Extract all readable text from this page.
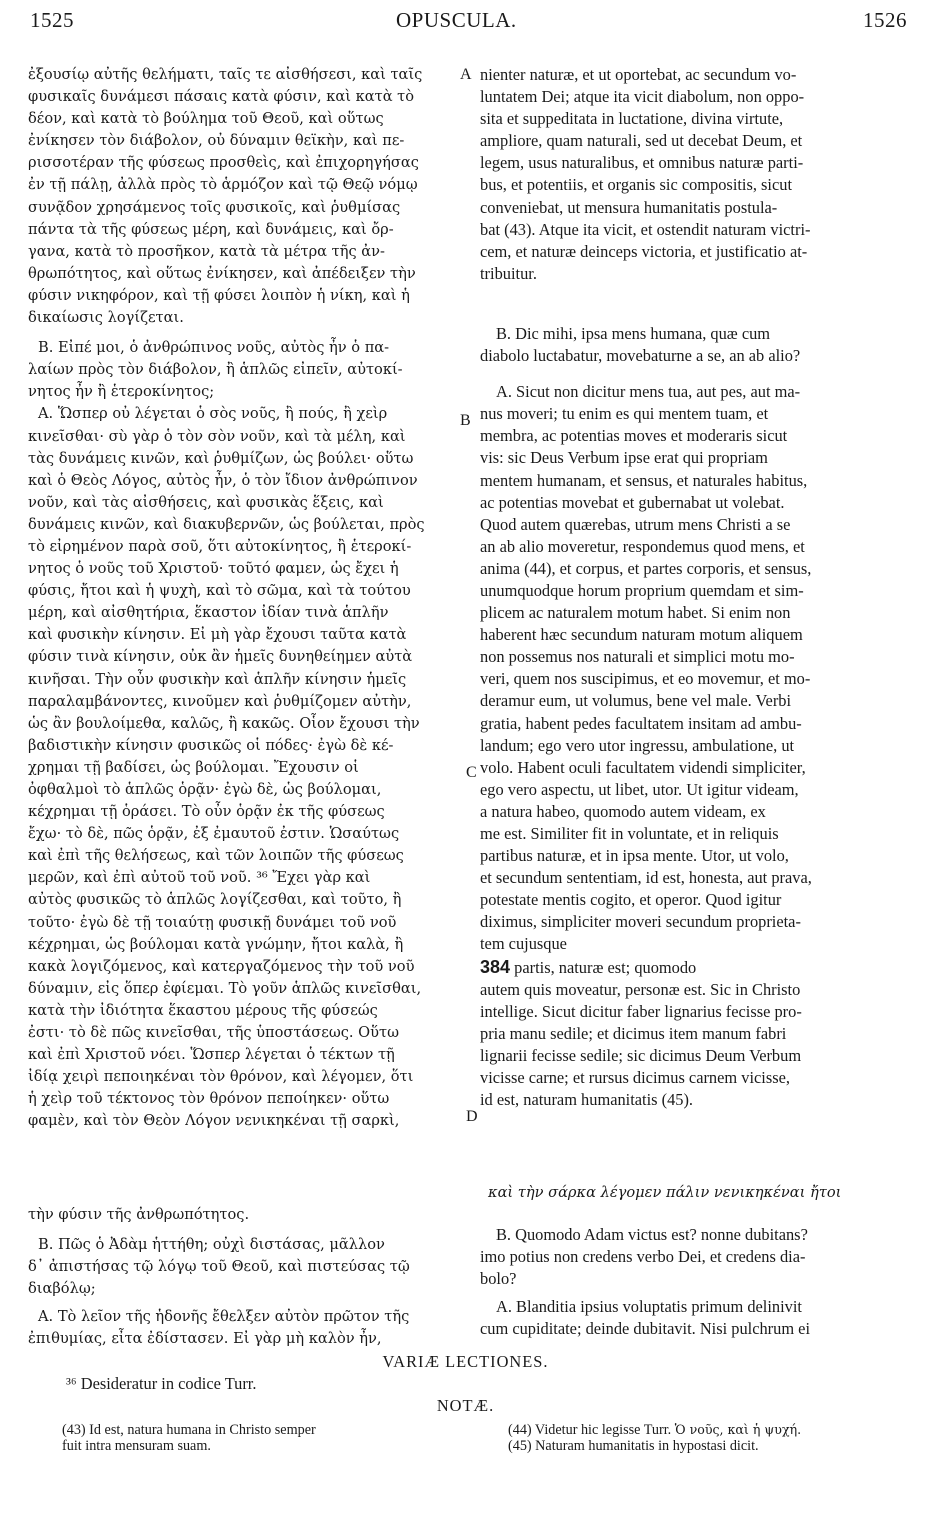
1525	OPUSCULA.	1526

ἐξουσίῳ αὐτῆς θελήματι, ταῖς τε αἰσθήσεσι, καὶ ταῖς
φυσικαῖς δυνάμεσι πάσαις κατὰ φύσιν, καὶ κατὰ τὸ
δέον, καὶ κατὰ τὸ βούλημα τοῦ Θεοῦ, καὶ οὕτως
ἐνίκησεν τὸν διάβολον, οὐ δύναμιν θεϊκὴν, καὶ πε-
ρισσοτέραν τῆς φύσεως προσθεὶς, καὶ ἐπιχορηγήσας
ἐν τῇ πάλῃ, ἀλλὰ πρὸς τὸ ἁρμόζον καὶ τῷ Θεῷ νόμῳ
συνᾷδον χρησάμενος τοῖς φυσικοῖς, καὶ ῥυθμίσας
πάντα τὰ τῆς φύσεως μέρη, καὶ δυνάμεις, καὶ ὄρ-
γανα, κατὰ τὸ προσῆκον, κατὰ τὰ μέτρα τῆς ἀν-
θρωπότητος, καὶ οὕτως ἐνίκησεν, καὶ ἀπέδειξεν τὴν
φύσιν νικηφόρον, καὶ τῇ φύσει λοιπὸν ἡ νίκη, καὶ ἡ
δικαίωσις λογίζεται.

Β. Εἰπέ μοι, ὁ ἀνθρώπινος νοῦς, αὐτὸς ἦν ὁ πα-
λαίων πρὸς τὸν διάβολον, ἢ ἁπλῶς εἰπεῖν, αὐτοκί-
νητος ἦν ἢ ἑτεροκίνητος;

Α. Ὥσπερ οὐ λέγεται ὁ σὸς νοῦς, ἢ πούς, ἢ χεὶρ
κινεῖσθαι· σὺ γὰρ ὁ τὸν σὸν νοῦν, καὶ τὰ μέλη, καὶ
τὰς δυνάμεις κινῶν, καὶ ῥυθμίζων, ὡς βούλει· οὕτω
καὶ ὁ Θεὸς Λόγος, αὐτὸς ἦν, ὁ τὸν ἴδιον ἀνθρώπινον
νοῦν, καὶ τὰς αἰσθήσεις, καὶ φυσικὰς ἕξεις, καὶ
δυνάμεις κινῶν, καὶ διακυβερνῶν, ὡς βούλεται, πρὸς
τὸ εἰρημένον παρὰ σοῦ, ὅτι αὐτοκίνητος, ἢ ἑτεροκί-
νητος ὁ νοῦς τοῦ Χριστοῦ· τοῦτό φαμεν, ὡς ἔχει ἡ
φύσις, ἤτοι καὶ ἡ ψυχὴ, καὶ τὸ σῶμα, καὶ τὰ τούτου
μέρη, καὶ αἰσθητήρια, ἕκαστον ἰδίαν τινὰ ἁπλῆν
καὶ φυσικὴν κίνησιν. Εἰ μὴ γὰρ ἔχουσι ταῦτα κατὰ
φύσιν τινὰ κίνησιν, οὐκ ἂν ἡμεῖς δυνηθείημεν αὐτὰ
κινῆσαι. Τὴν οὖν φυσικὴν καὶ ἁπλῆν κίνησιν ἡμεῖς
παραλαμβάνοντες, κινοῦμεν καὶ ῥυθμίζομεν αὐτὴν,
ὡς ἂν βουλοίμεθα, καλῶς, ἢ κακῶς. Οἷον ἔχουσι τὴν
βαδιστικὴν κίνησιν φυσικῶς οἱ πόδες· ἐγὼ δὲ κέ-
χρημαι τῇ βαδίσει, ὡς βούλομαι. Ἔχουσιν οἱ
ὀφθαλμοὶ τὸ ἁπλῶς ὁρᾷν· ἐγὼ δὲ, ὡς βούλομαι,
κέχρημαι τῇ ὁράσει. Τὸ οὖν ὁρᾷν ἐκ τῆς φύσεως
ἔχω· τὸ δὲ, πῶς ὁρᾷν, ἐξ ἐμαυτοῦ ἐστιν. Ὡσαύτως
καὶ ἐπὶ τῆς θελήσεως, καὶ τῶν λοιπῶν τῆς φύσεως
μερῶν, καὶ ἐπὶ αὐτοῦ τοῦ νοῦ. ³⁶ Ἔχει γὰρ καὶ
αὐτὸς φυσικῶς τὸ ἁπλῶς λογίζεσθαι, καὶ τοῦτο, ἢ
τοῦτο· ἐγὼ δὲ τῇ τοιαύτῃ φυσικῇ δυνάμει τοῦ νοῦ
κέχρημαι, ὡς βούλομαι κατὰ γνώμην, ἤτοι καλὰ, ἢ
κακὰ λογιζόμενος, καὶ κατεργαζόμενος τὴν τοῦ νοῦ
δύναμιν, εἰς ὅπερ ἐφίεμαι. Τὸ γοῦν ἁπλῶς κινεῖσθαι,
κατὰ τὴν ἰδιότητα ἕκαστου μέρους τῆς φύσεώς
ἐστι· τὸ δὲ πῶς κινεῖσθαι, τῆς ὑποστάσεως. Οὕτω
καὶ ἐπὶ Χριστοῦ νόει. Ὥσπερ λέγεται ὁ τέκτων τῇ
ἰδίᾳ χειρὶ πεποιηκέναι τὸν θρόνον, καὶ λέγομεν, ὅτι
ἡ χεὶρ τοῦ τέκτονος τὸν θρόνον πεποίηκεν· οὕτω
φαμὲν, καὶ τὸν Θεὸν Λόγον νενικηκέναι τῇ σαρκὶ,

τὴν φύσιν τῆς ἀνθρωπότητος.

Β. Πῶς ὁ Ἀδὰμ ἡττήθη; οὐχὶ διστάσας, μᾶλλον
δ᾽ ἀπιστήσας τῷ λόγῳ τοῦ Θεοῦ, καὶ πιστεύσας τῷ
διαβόλῳ;

Α. Τὸ λεῖον τῆς ἡδονῆς ἔθελξεν αὐτὸν πρῶτον τῆς
ἐπιθυμίας, εἶτα ἐδίστασεν. Εἰ γὰρ μὴ καλὸν ἦν,

A
B
C
D

nienter naturæ, et ut oportebat, ac secundum vo-
luntatem Dei; atque ita vicit diabolum, non oppo-
sita et suppeditata in luctatione, divina virtute,
ampliore, quam naturali, sed ut decebat Deum, et
legem, usus naturalibus, et omnibus naturæ parti-
bus, et potentiis, et organis sic compositis, sicut
conveniebat, ut mensura humanitatis postula-
bat (43). Atque ita vicit, et ostendit naturam victri-
cem, et naturæ deinceps victoria, et justificatio at-
tribuitur.

B. Dic mihi, ipsa mens humana, quæ cum
diabolo luctabatur, movebaturne a se, an ab alio?

A. Sicut non dicitur mens tua, aut pes, aut ma-
nus moveri; tu enim es qui mentem tuam, et
membra, ac potentias moves et moderaris sicut
vis: sic Deus Verbum ipse erat qui propriam
mentem humanam, et sensus, et naturales habitus,
ac potentias movebat et gubernabat ut volebat.
Quod autem quærebas, utrum mens Christi a se
an ab alio moveretur, respondemus quod mens, et
anima (44), et corpus, et partes corporis, et sensus,
unumquodque horum proprium quemdam et sim-
plicem ac naturalem motum habet. Si enim non
haberent hæc secundum naturam motum aliquem
non possemus nos naturali et simplici motu mo-
veri, quem nos suscipimus, et eo movemur, et mo-
deramur eum, ut volumus, bene vel male. Verbi
gratia, habent pedes facultatem insitam ad ambu-
landum; ego vero utor ingressu, ambulatione, ut
volo. Habent oculi facultatem videndi simpliciter,
ego vero aspectu, ut libet, utor. Ut igitur videam,
a natura habeo, quomodo autem videam, ex
me est. Similiter fit in voluntate, et in reliquis
partibus naturæ, et in ipsa mente. Utor, ut volo,
et secundum sententiam, id est, honesta, aut prava,
potestate mentis cogito, et operor. Quod igitur
diximus, simpliciter moveri secundum proprieta-
tem cujusque

384 partis, naturæ est; quomodo
autem quis moveatur, personæ est. Sic in Christo
intellige. Sicut dicitur faber lignarius fecisse pro-
pria manu sedile; et dicimus item manum fabri
lignarii fecisse sedile; sic dicimus Deum Verbum
vicisse carne; et rursus dicimus carnem vicisse,
id est, naturam humanitatis (45).

B. Quomodo Adam victus est? nonne dubitans?
imo potius non credens verbo Dei, et credens dia-
bolo?

A. Blanditia ipsius voluptatis primum delinivit
cum cupiditate; deinde dubitavit. Nisi pulchrum ei

καὶ τὴν σάρκα λέγομεν πάλιν νενικηκέναι ἤτοι
VARIÆ LECTIONES.
³⁶ Desideratur in codice Turr.
NOTÆ.
(43) Id est, natura humana in Christo semper
fuit intra mensuram suam.
(44) Videtur hic legisse Turr. Ὁ νοῦς, καὶ ἡ ψυχή.
(45) Naturam humanitatis in hypostasi dicit.
